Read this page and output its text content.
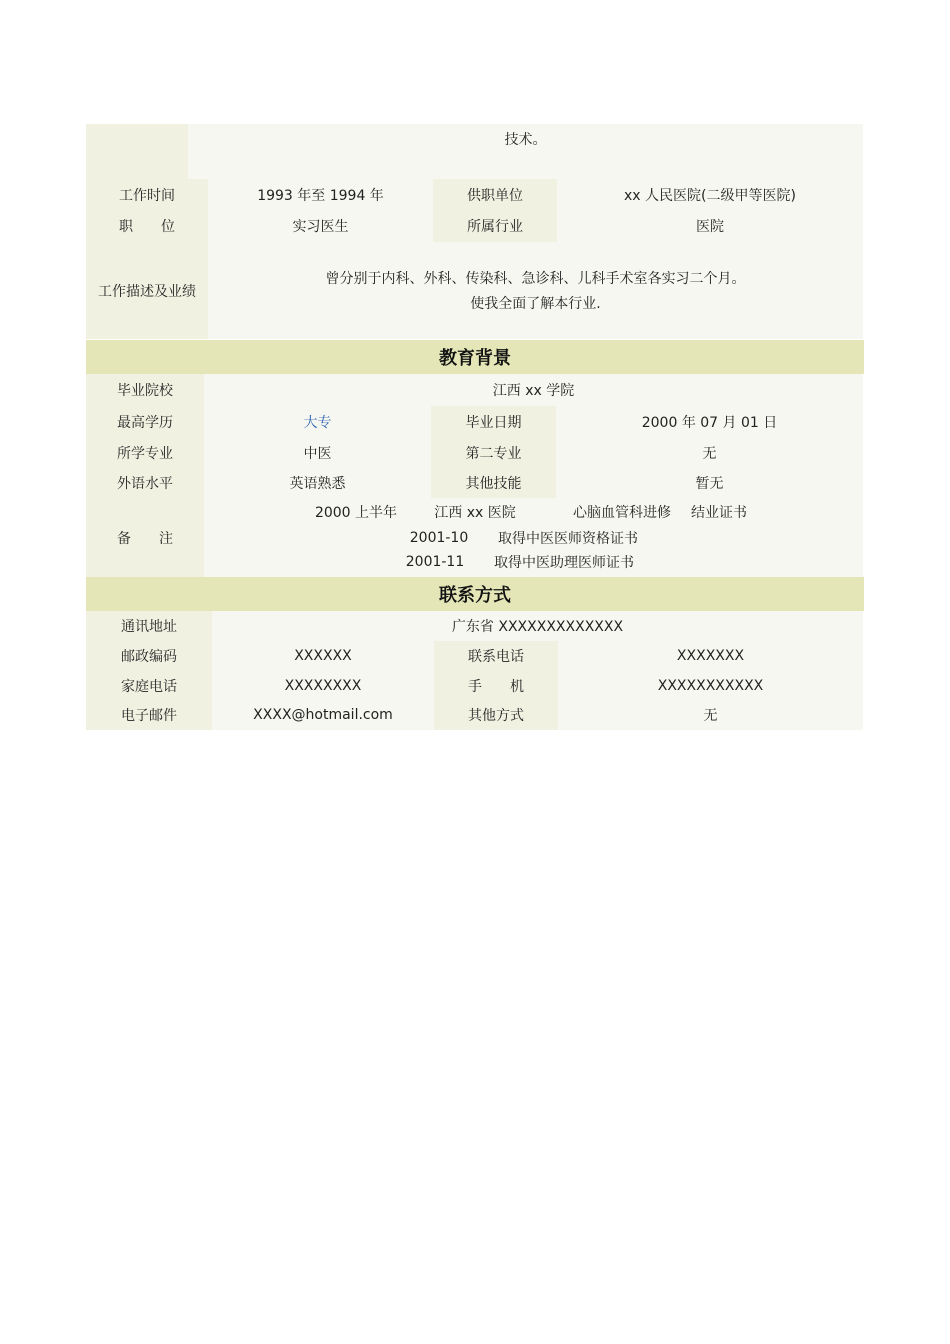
技术。
工作时间	1993 年至 1994 年	供职单位	xx 人民医院(二级甲等医院)
职　　位	实习医生	所属行业	医院
工作描述及业绩
曾分别于内科、外科、传染科、急诊科、儿科手术室各实习二个月。
使我全面了解本行业.
教育背景
毕业院校	江西 xx 学院
最高学历	大专	毕业日期	2000 年 07 月 01 日
所学专业	中医	第二专业	无
外语水平	英语熟悉	其他技能	暂无
备　　注
2000 上半年	江西 xx 医院	心脑血管科进修	结业证书
2001-10	取得中医医师资格证书
2001-11	取得中医助理医师证书
联系方式
通讯地址	广东省 XXXXXXXXXXXXX
邮政编码	XXXXXX	联系电话	XXXXXXX
家庭电话	XXXXXXXX	手　　机	XXXXXXXXXXX
电子邮件	XXXX@hotmail.com	其他方式	无
